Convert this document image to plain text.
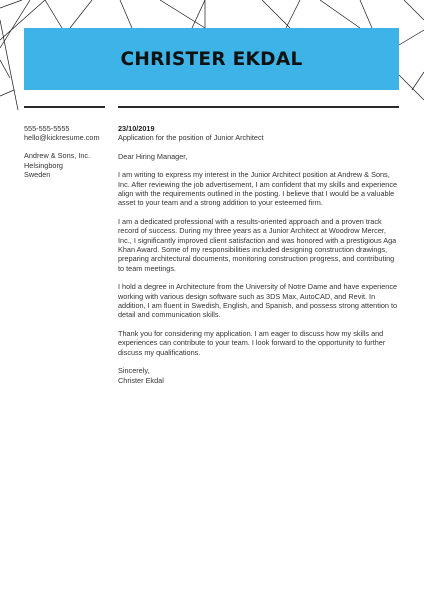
CHRISTER EKDAL
555-555-5555
hello@kickresume.com
Andrew & Sons, Inc.
Helsingborg
Sweden
23/10/2019
Application for the position of Junior Architect

Dear Hiring Manager,

I am writing to express my interest in the Junior Architect position at Andrew & Sons, Inc. After reviewing the job advertisement, I am confident that my skills and experience align with the requirements outlined in the posting. I believe that I would be a valuable asset to your team and a strong addition to your esteemed firm.

I am a dedicated professional with a results-oriented approach and a proven track record of success. During my three years as a Junior Architect at Woodrow Mercer, Inc., I significantly improved client satisfaction and was honored with a prestigious Aga Khan Award. Some of my responsibilities included designing construction drawings, preparing architectural documents, monitoring construction progress, and contributing to team meetings.

I hold a degree in Architecture from the University of Notre Dame and have experience working with various design software such as 3DS Max, AutoCAD, and Revit. In addition, I am fluent in Swedish, English, and Spanish, and possess strong attention to detail and communication skills.

Thank you for considering my application. I am eager to discuss how my skills and experiences can contribute to your team. I look forward to the opportunity to further discuss my qualifications.

Sincerely,
Christer Ekdal
